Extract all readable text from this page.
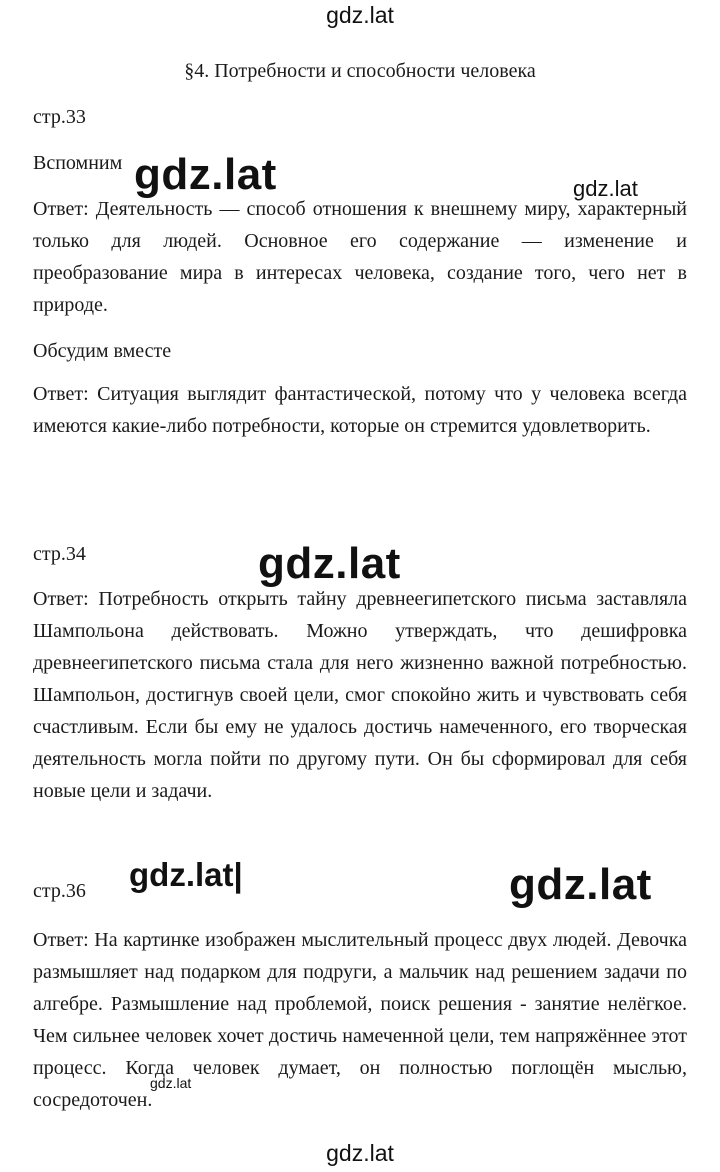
gdz.lat
§4. Потребности и способности человека
стр.33
Вспомним

Ответ: Деятельность — способ отношения к внешнему миру, характерный только для людей. Основное его содержание — изменение и преобразование мира в интересах человека, создание того, чего нет в природе.

Обсудим вместе

Ответ: Ситуация выглядит фантастической, потому что у человека всегда имеются какие-либо потребности, которые он стремится удовлетворить.

стр.34

Ответ: Потребность открыть тайну древнеегипетского письма заставляла Шампольона действовать. Можно утверждать, что дешифровка древнеегипетского письма стала для него жизненно важной потребностью. Шампольон, достигнув своей цели, смог спокойно жить и чувствовать себя счастливым. Если бы ему не удалось достичь намеченного, его творческая деятельность могла пойти по другому пути. Он бы сформировал для себя новые цели и задачи.

стр.36

Ответ: На картинке изображен мыслительный процесс двух людей. Девочка размышляет над подарком для подруги, а мальчик над решением задачи по алгебре. Размышление над проблемой, поиск решения - занятие нелёгкое. Чем сильнее человек хочет достичь намеченной цели, тем напряжённее этот процесс. Когда человек думает, он полностью поглощён мыслью, сосредоточен.

gdz.lat	gdz.lat
gdz.lat
gdz.lat|	gdz.lat
gdz.lat
gdz.lat
